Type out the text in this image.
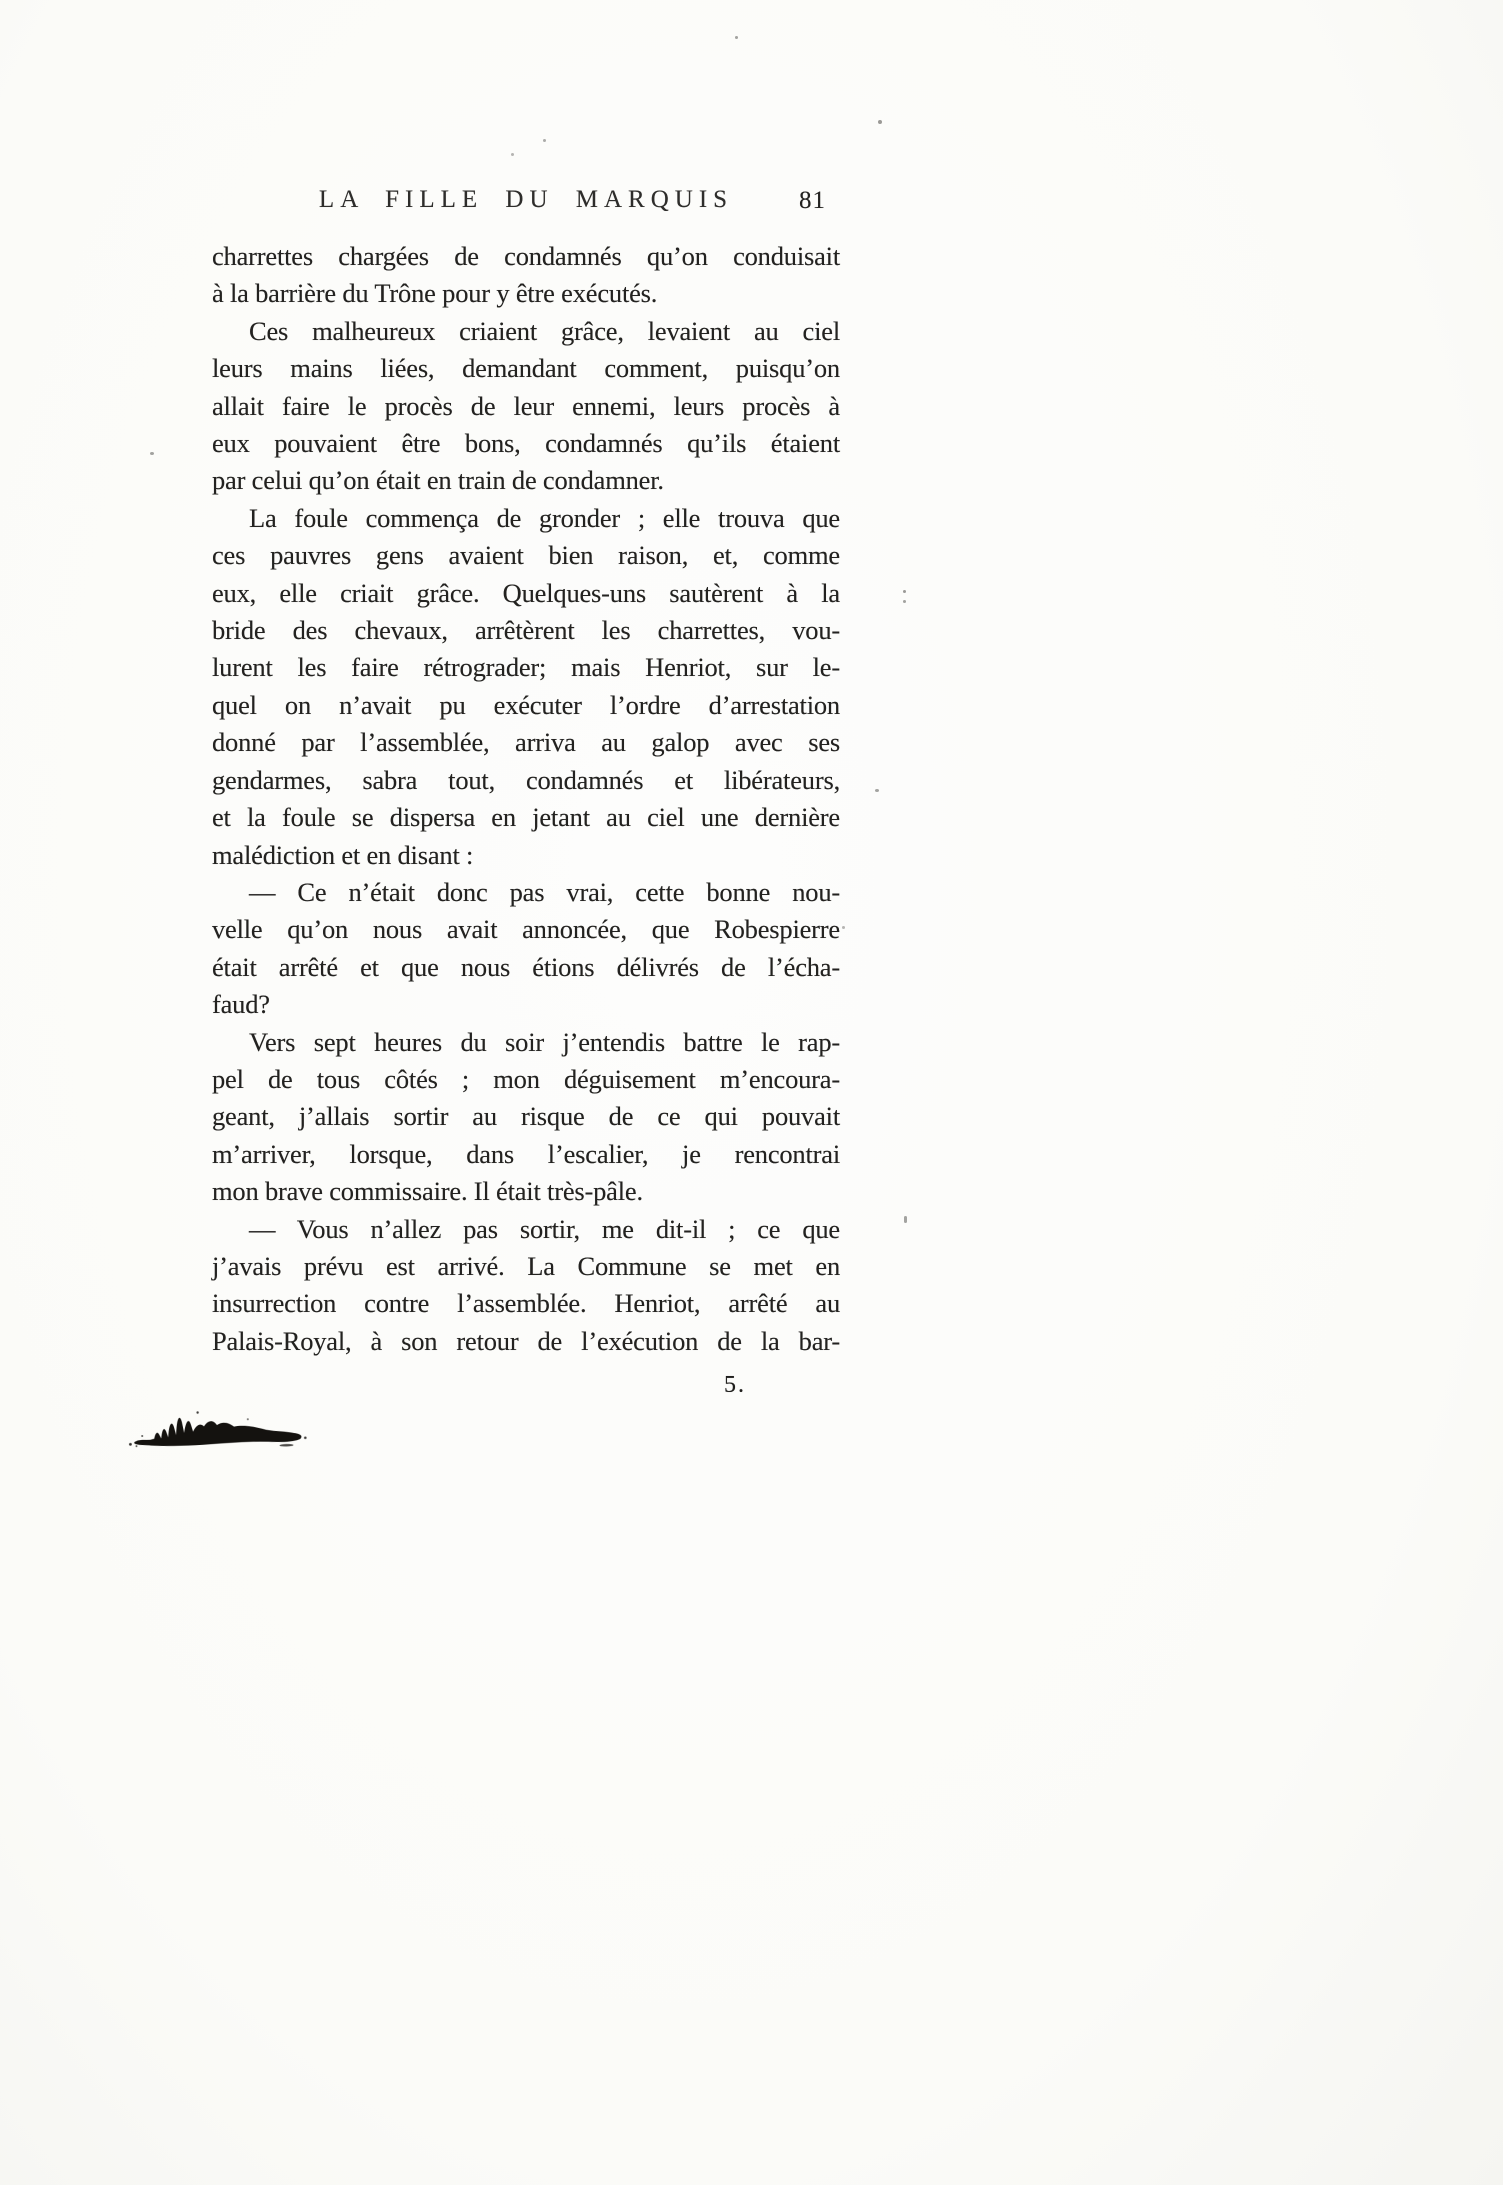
LA FILLE DU MARQUIS	81
charrettes chargées de condamnés qu’on conduisait
à la barrière du Trône pour y être exécutés.
Ces malheureux criaient grâce, levaient au ciel
leurs mains liées, demandant comment, puisqu’on
allait faire le procès de leur ennemi, leurs procès à
eux pouvaient être bons, condamnés qu’ils étaient
par celui qu’on était en train de condamner.
La foule commença de gronder ; elle trouva que
ces pauvres gens avaient bien raison, et, comme
eux, elle criait grâce. Quelques-uns sautèrent à la
bride des chevaux, arrêtèrent les charrettes, vou-
lurent les faire rétrograder; mais Henriot, sur le-
quel on n’avait pu exécuter l’ordre d’arrestation
donné par l’assemblée, arriva au galop avec ses
gendarmes, sabra tout, condamnés et libérateurs,
et la foule se dispersa en jetant au ciel une dernière
malédiction et en disant :
— Ce n’était donc pas vrai, cette bonne nou-
velle qu’on nous avait annoncée, que Robespierre
était arrêté et que nous étions délivrés de l’écha-
faud?
Vers sept heures du soir j’entendis battre le rap-
pel de tous côtés ; mon déguisement m’encoura-
geant, j’allais sortir au risque de ce qui pouvait
m’arriver, lorsque, dans l’escalier, je rencontrai
mon brave commissaire. Il était très-pâle.
— Vous n’allez pas sortir, me dit-il ; ce que
j’avais prévu est arrivé. La Commune se met en
insurrection contre l’assemblée. Henriot, arrêté au
Palais-Royal, à son retour de l’exécution de la bar-
5.
